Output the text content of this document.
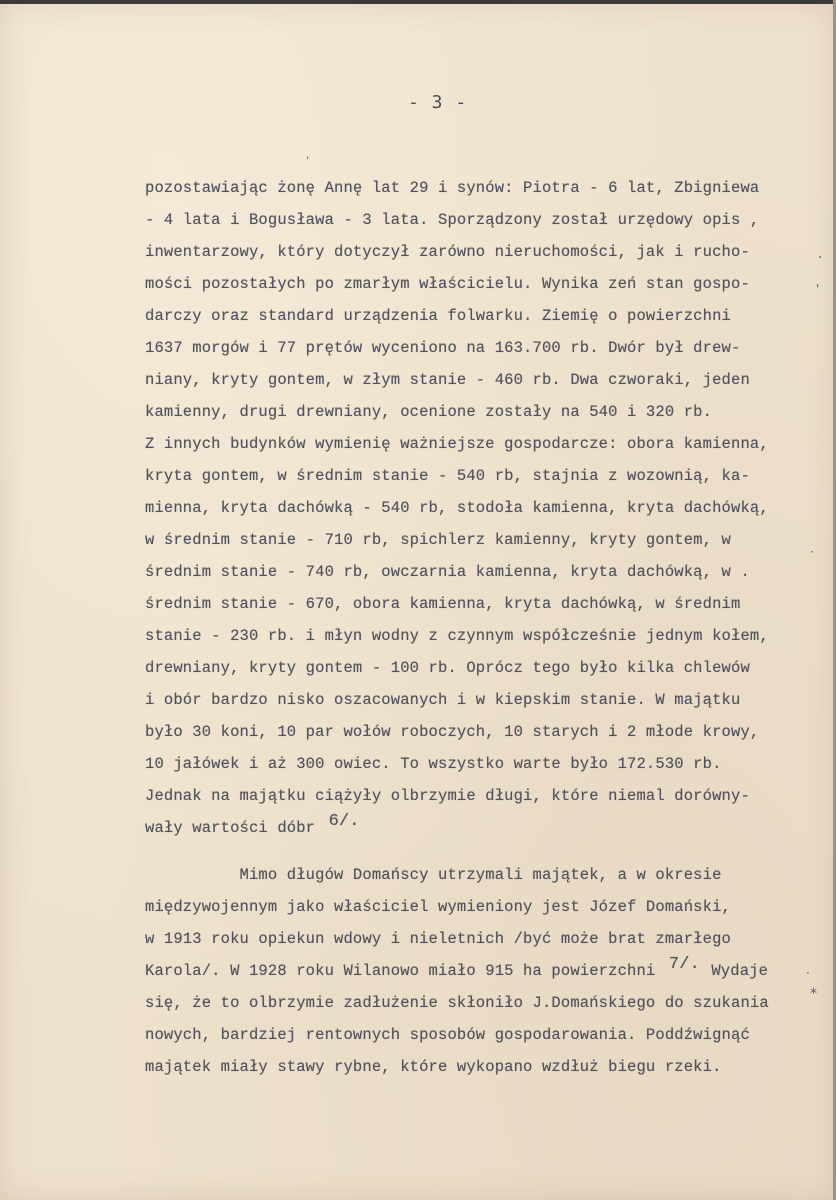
- 3 -
,
·
'
·
·
*
pozostawiając żonę Annę lat 29 i synów: Piotra - 6 lat, Zbigniewa
- 4 lata i Bogusława - 3 lata. Sporządzony został urzędowy opis ,
inwentarzowy, który dotyczył zarówno nieruchomości, jak i rucho-
mości pozostałych po zmarłym właścicielu. Wynika zeń stan gospo-
darczy oraz standard urządzenia folwarku. Ziemię o powierzchni
1637 morgów i 77 prętów wyceniono na 163.700 rb. Dwór był drew-
niany, kryty gontem, w złym stanie - 460 rb. Dwa czworaki, jeden
kamienny, drugi drewniany, ocenione zostały na 540 i 320 rb.
Z innych budynków wymienię ważniejsze gospodarcze: obora kamienna,
kryta gontem, w średnim stanie - 540 rb, stajnia z wozownią, ka-
mienna, kryta dachówką - 540 rb, stodoła kamienna, kryta dachówką,
w średnim stanie - 710 rb, spichlerz kamienny, kryty gontem, w
średnim stanie - 740 rb, owczarnia kamienna, kryta dachówką, w .
średnim stanie - 670, obora kamienna, kryta dachówką, w średnim
stanie - 230 rb. i młyn wodny z czynnym współcześnie jednym kołem,
drewniany, kryty gontem - 100 rb. Oprócz tego było kilka chlewów
i obór bardzo nisko oszacowanych i w kiepskim stanie. W majątku
było 30 koni, 10 par wołów roboczych, 10 starych i 2 młode krowy,
10 jałówek i aż 300 owiec. To wszystko warte było 172.530 rb.
Jednak na majątku ciążyły olbrzymie długi, które niemal dorówny-
wały wartości dóbr $^{6/.}$
Mimo długów Domańscy utrzymali majątek, a w okresie
międzywojennym jako właściciel wymieniony jest Józef Domański,
w 1913 roku opiekun wdowy i nieletnich /być może brat zmarłego
Karola/. W 1928 roku Wilanowo miało 915 ha powierzchni $^{7/.}$ Wydaje
się, że to olbrzymie zadłużenie skłoniło J.Domańskiego do szukania
nowych, bardziej rentownych sposobów gospodarowania. Poddźwignąć
majątek miały stawy rybne, które wykopano wzdłuż biegu rzeki.
